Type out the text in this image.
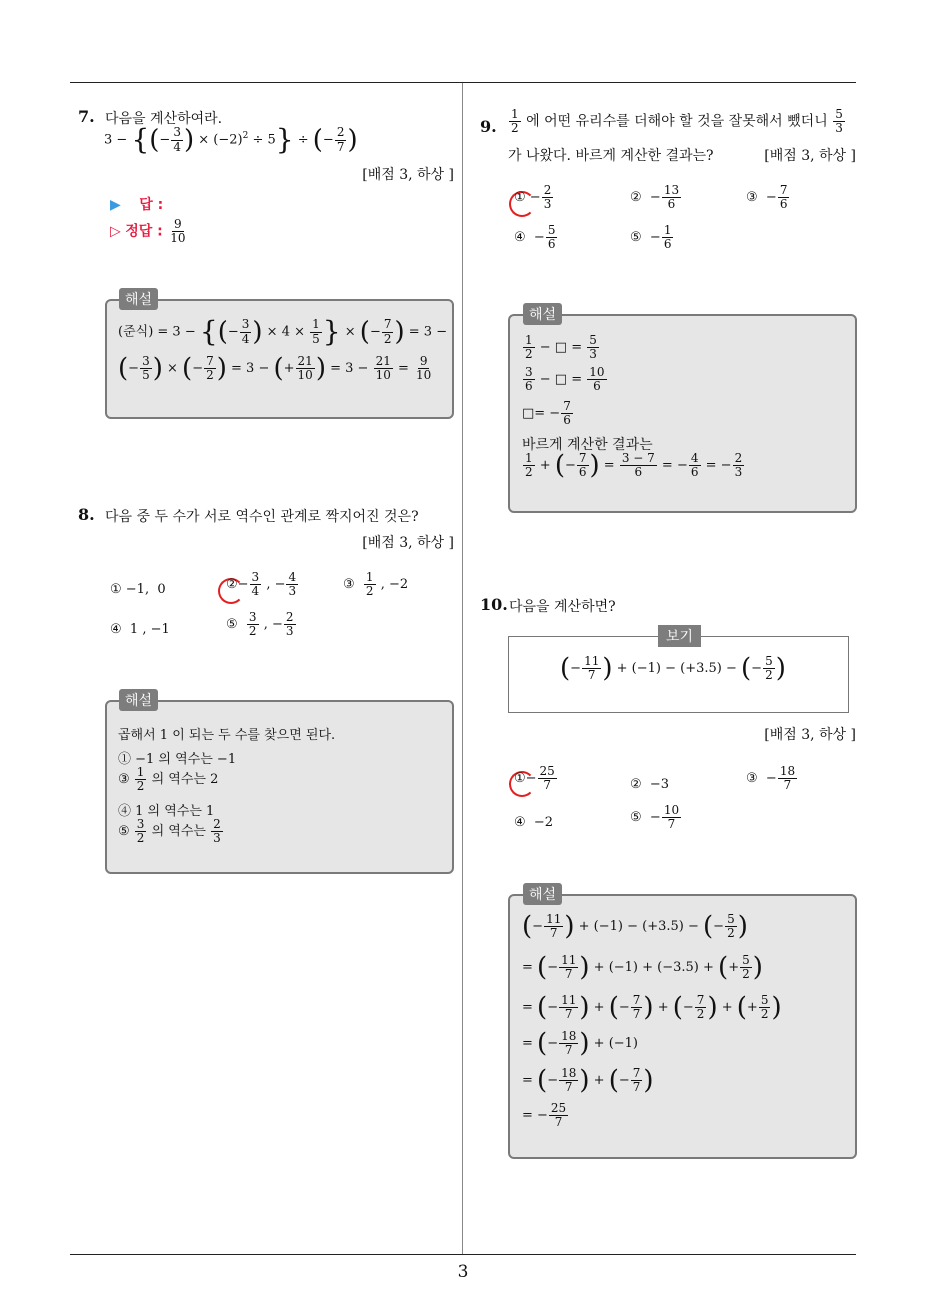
3
7. 다음을 계산하여라.
3 − {(− $\frac{3}{4}$ ) × $(-2)^2 \div 5$} ÷ (− $\frac{2}{7}$ )
[배점 3, 하상 ]
▶ 답 :
▷ 정답 : $\frac{9}{10}$
해설
(준식) = 3 − {(− $\frac{3}{4}$ ) × $4 \times \frac{1}{5}$ } × (− $\frac{7}{2}$ ) = 3 −
(− $\frac{3}{5}$ ) × (− $\frac{7}{2}$ ) = 3 − (+ $\frac{21}{10}$ ) = $3 - \frac{21}{10} = \frac{9}{10}$
8. 다음 중 두 수가 서로 역수인 관계로 짝지어진 것은?
[배점 3, 하상 ]
① −1,  0	②− $\frac{3}{4}$ , − $\frac{4}{3}$	③ $\frac{1}{2}$ , −2
④  1 , −1	⑤ $\frac{3}{2}$ , − $\frac{2}{3}$
해설
곱해서 1 이 되는 두 수를 찾으면 된다.
① −1 의 역수는 −1
③ $\frac{1}{2}$ 의 역수는 2
④ 1 의 역수는 1
⑤ $\frac{3}{2}$ 의 역수는 $\frac{2}{3}$
9. $\frac{1}{2}$ 에 어떤 유리수를 더해야 할 것을 잘못해서 뺐더니 $\frac{5}{3}$
가 나왔다. 바르게 계산한 결과는?	[배점 3, 하상 ]
① − $\frac{2}{3}$	②  − $\frac{13}{6}$	③  − $\frac{7}{6}$
④  − $\frac{5}{6}$	⑤  − $\frac{1}{6}$
해설
$\frac{1}{2}$ − □ = $\frac{5}{3}$
$\frac{3}{6}$ − □ = $\frac{10}{6}$
□= − $\frac{7}{6}$
바르게 계산한 결과는
$\frac{1}{2}$ + (− $\frac{7}{6}$ ) = $\frac{3 - 7}{6}$ = − $\frac{4}{6}$ = − $\frac{2}{3}$
10. 다음을 계산하면?
보기
(− $\frac{11}{7}$ ) + (−1) − (+3.5) − (− $\frac{5}{2}$ )
[배점 3, 하상 ]
①− $\frac{25}{7}$	②  −3	③  − $\frac{18}{7}$
④  −2	⑤  − $\frac{10}{7}$
해설
(− $\frac{11}{7}$ ) + (−1) − (+3.5) − (− $\frac{5}{2}$ )
= (− $\frac{11}{7}$ ) + (−1) + (−3.5) + (+ $\frac{5}{2}$ )
= (− $\frac{11}{7}$ ) + (− $\frac{7}{7}$ ) + (− $\frac{7}{2}$ ) + (+ $\frac{5}{2}$ )
= (− $\frac{18}{7}$ ) + (−1)
= (− $\frac{18}{7}$ ) + (− $\frac{7}{7}$ )
= − $\frac{25}{7}$
